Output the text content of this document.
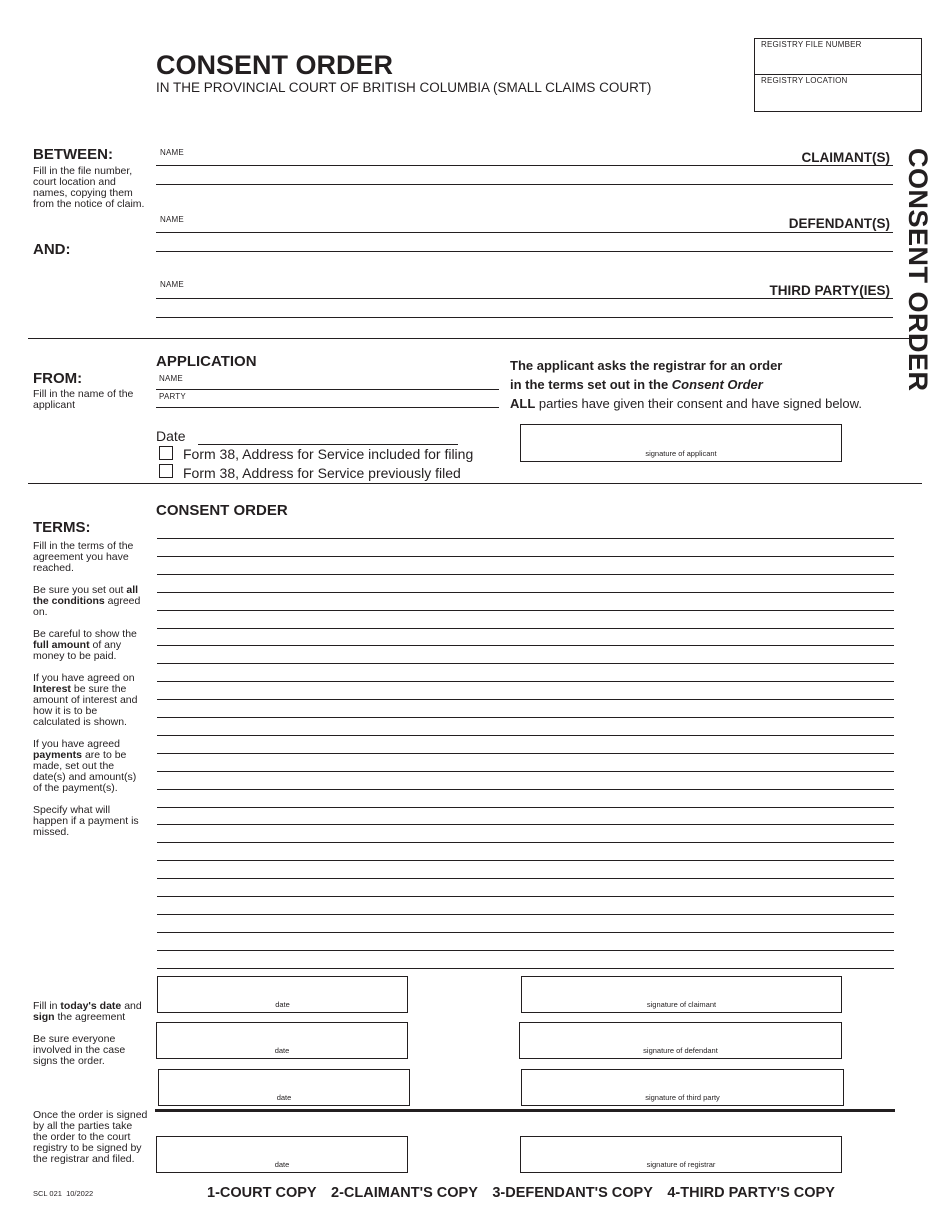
CONSENT ORDER
IN THE PROVINCIAL COURT OF BRITISH COLUMBIA (SMALL CLAIMS COURT)
REGISTRY FILE NUMBER
REGISTRY LOCATION
CONSENT ORDER
BETWEEN:
Fill in the file number, court location and names, copying them from the notice of claim.
AND:
NAME	CLAIMANT(S)
NAME	DEFENDANT(S)
NAME	THIRD PARTY(IES)
FROM:
Fill in the name of the applicant
APPLICATION
NAME
PARTY
The applicant asks the registrar for an order
in the terms set out in the Consent Order
ALL parties have given their consent and have signed below.
Date
Form 38, Address for Service included for filing
Form 38, Address for Service previously filed
signature of applicant
TERMS:
CONSENT ORDER
Fill in the terms of the agreement you have reached.
Be sure you set out all the conditions agreed on.
Be careful to show the full amount of any money to be paid.
If you have agreed on Interest be sure the amount of interest and how it is to be calculated is shown.
If you have agreed payments are to be made, set out the date(s) and amount(s) of the payment(s).
Specify what will happen if a payment is missed.
Fill in today's date and sign the agreement
Be sure everyone involved in the case signs the order.
Once the order is signed by all the parties take the order to the court registry to be signed by the registrar and filed.
date	signature of claimant
date	signature of defendant
date	signature of third party
date	signature of registrar
SCL 021  10/2022	1-COURT COPY 2-CLAIMANT'S COPY 3-DEFENDANT'S COPY 4-THIRD PARTY'S COPY
